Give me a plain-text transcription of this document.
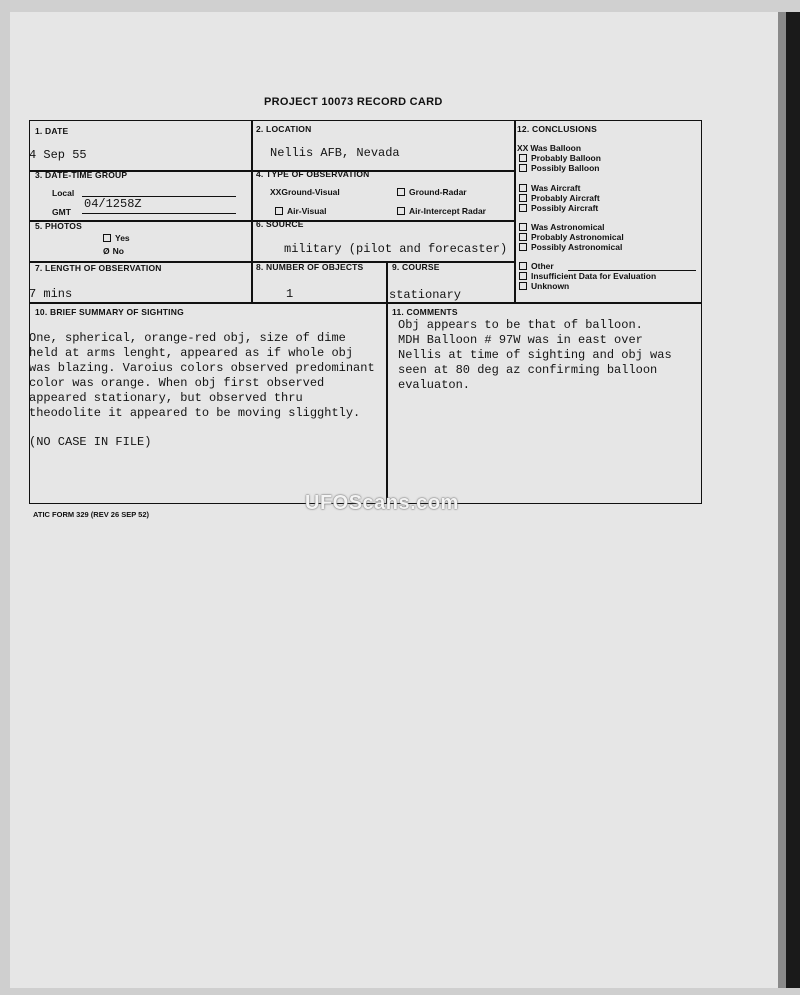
PROJECT 10073 RECORD CARD
1. DATE
4 Sep 55
2. LOCATION
Nellis AFB, Nevada
3. DATE-TIME GROUP
Local
GMT
04/1258Z
4. TYPE OF OBSERVATION
XXGround-Visual	Ground-Radar
Air-Visual	Air-Intercept Radar
5. PHOTOS
Yes
Ø No
6. SOURCE
military (pilot and forecaster)
7. LENGTH OF OBSERVATION
7 mins
8. NUMBER OF OBJECTS
1
9. COURSE
stationary
10. BRIEF SUMMARY OF SIGHTING
One, spherical, orange-red obj, size of dime
held at arms lenght, appeared as if whole obj
was blazing. Varoius colors observed predominant
color was orange. When obj first observed
appeared stationary, but observed thru
theodolite it appeared to be moving sligghtly.
(NO CASE IN FILE)
11. COMMENTS
Obj appears to be that of balloon.
MDH Balloon # 97W was in east over
Nellis at time of sighting and obj was
seen at 80 deg az confirming balloon
evaluaton.
12. CONCLUSIONS
XX Was Balloon
Probably Balloon
Possibly Balloon
Was Aircraft
Probably Aircraft
Possibly Aircraft
Was Astronomical
Probably Astronomical
Possibly Astronomical
Other
Insufficient Data for Evaluation
Unknown
UFOScans.com
ATIC FORM 329 (REV 26 SEP 52)
